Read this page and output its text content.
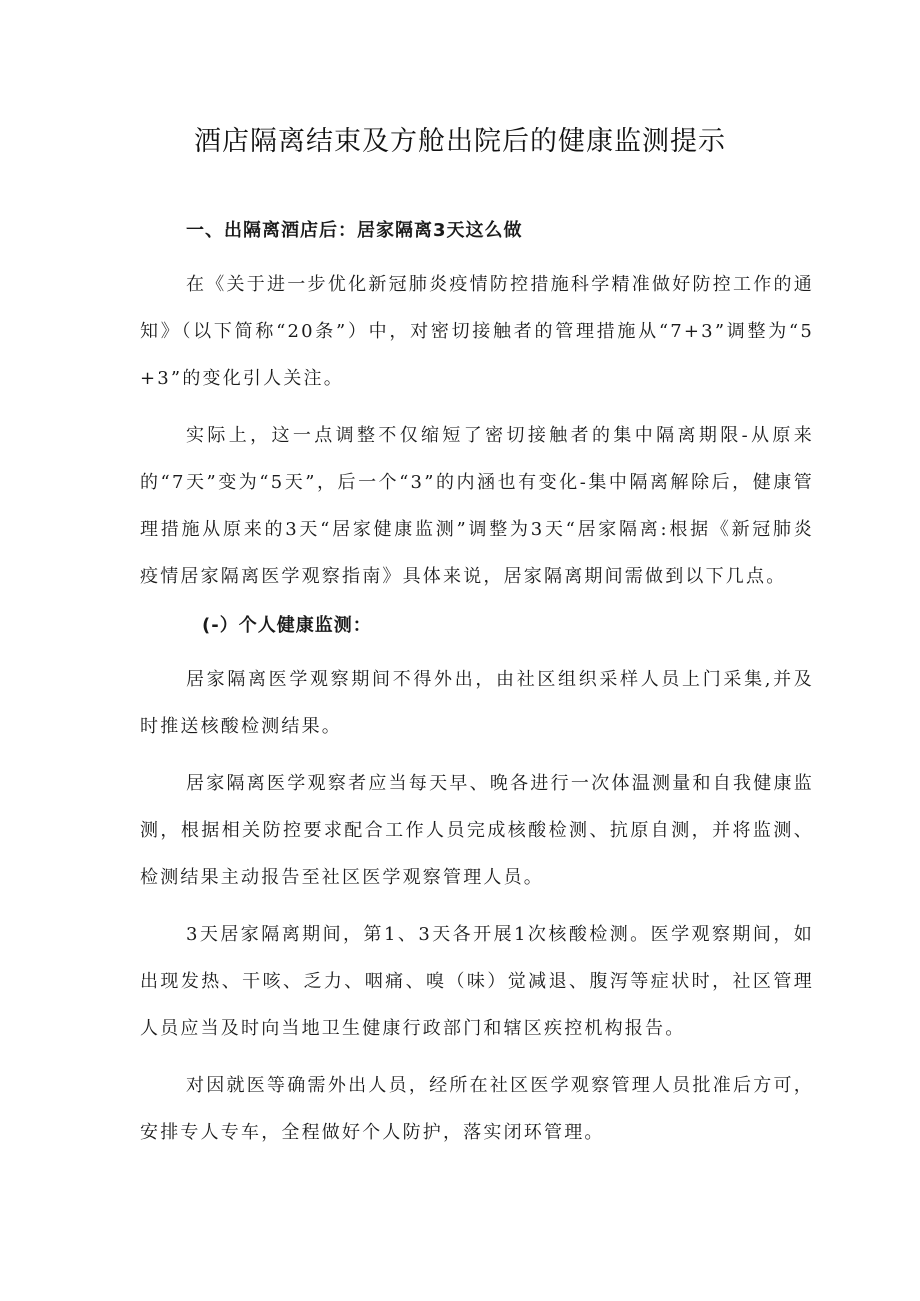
酒店隔离结束及方舱出院后的健康监测提示
一、出隔离酒店后：居家隔离3天这么做

在《关于进一步优化新冠肺炎疫情防控措施科学精准做好防控工作的通知》（以下简称“20条”）中，对密切接触者的管理措施从“7+3”调整为“5+3”的变化引人关注。

实际上，这一点调整不仅缩短了密切接触者的集中隔离期限-从原来的“7天”变为“5天”，后一个“3”的内涵也有变化-集中隔离解除后，健康管理措施从原来的3天“居家健康监测”调整为3天“居家隔离:根据《新冠肺炎疫情居家隔离医学观察指南》具体来说，居家隔离期间需做到以下几点。

(-）个人健康监测：

居家隔离医学观察期间不得外出，由社区组织采样人员上门采集,并及时推送核酸检测结果。

居家隔离医学观察者应当每天早、晚各进行一次体温测量和自我健康监测，根据相关防控要求配合工作人员完成核酸检测、抗原自测，并将监测、检测结果主动报告至社区医学观察管理人员。

3天居家隔离期间，第1、3天各开展1次核酸检测。医学观察期间，如出现发热、干咳、乏力、咽痛、嗅（味）觉减退、腹泻等症状时，社区管理人员应当及时向当地卫生健康行政部门和辖区疾控机构报告。

对因就医等确需外出人员，经所在社区医学观察管理人员批准后方可，安排专人专车，全程做好个人防护，落实闭环管理。
